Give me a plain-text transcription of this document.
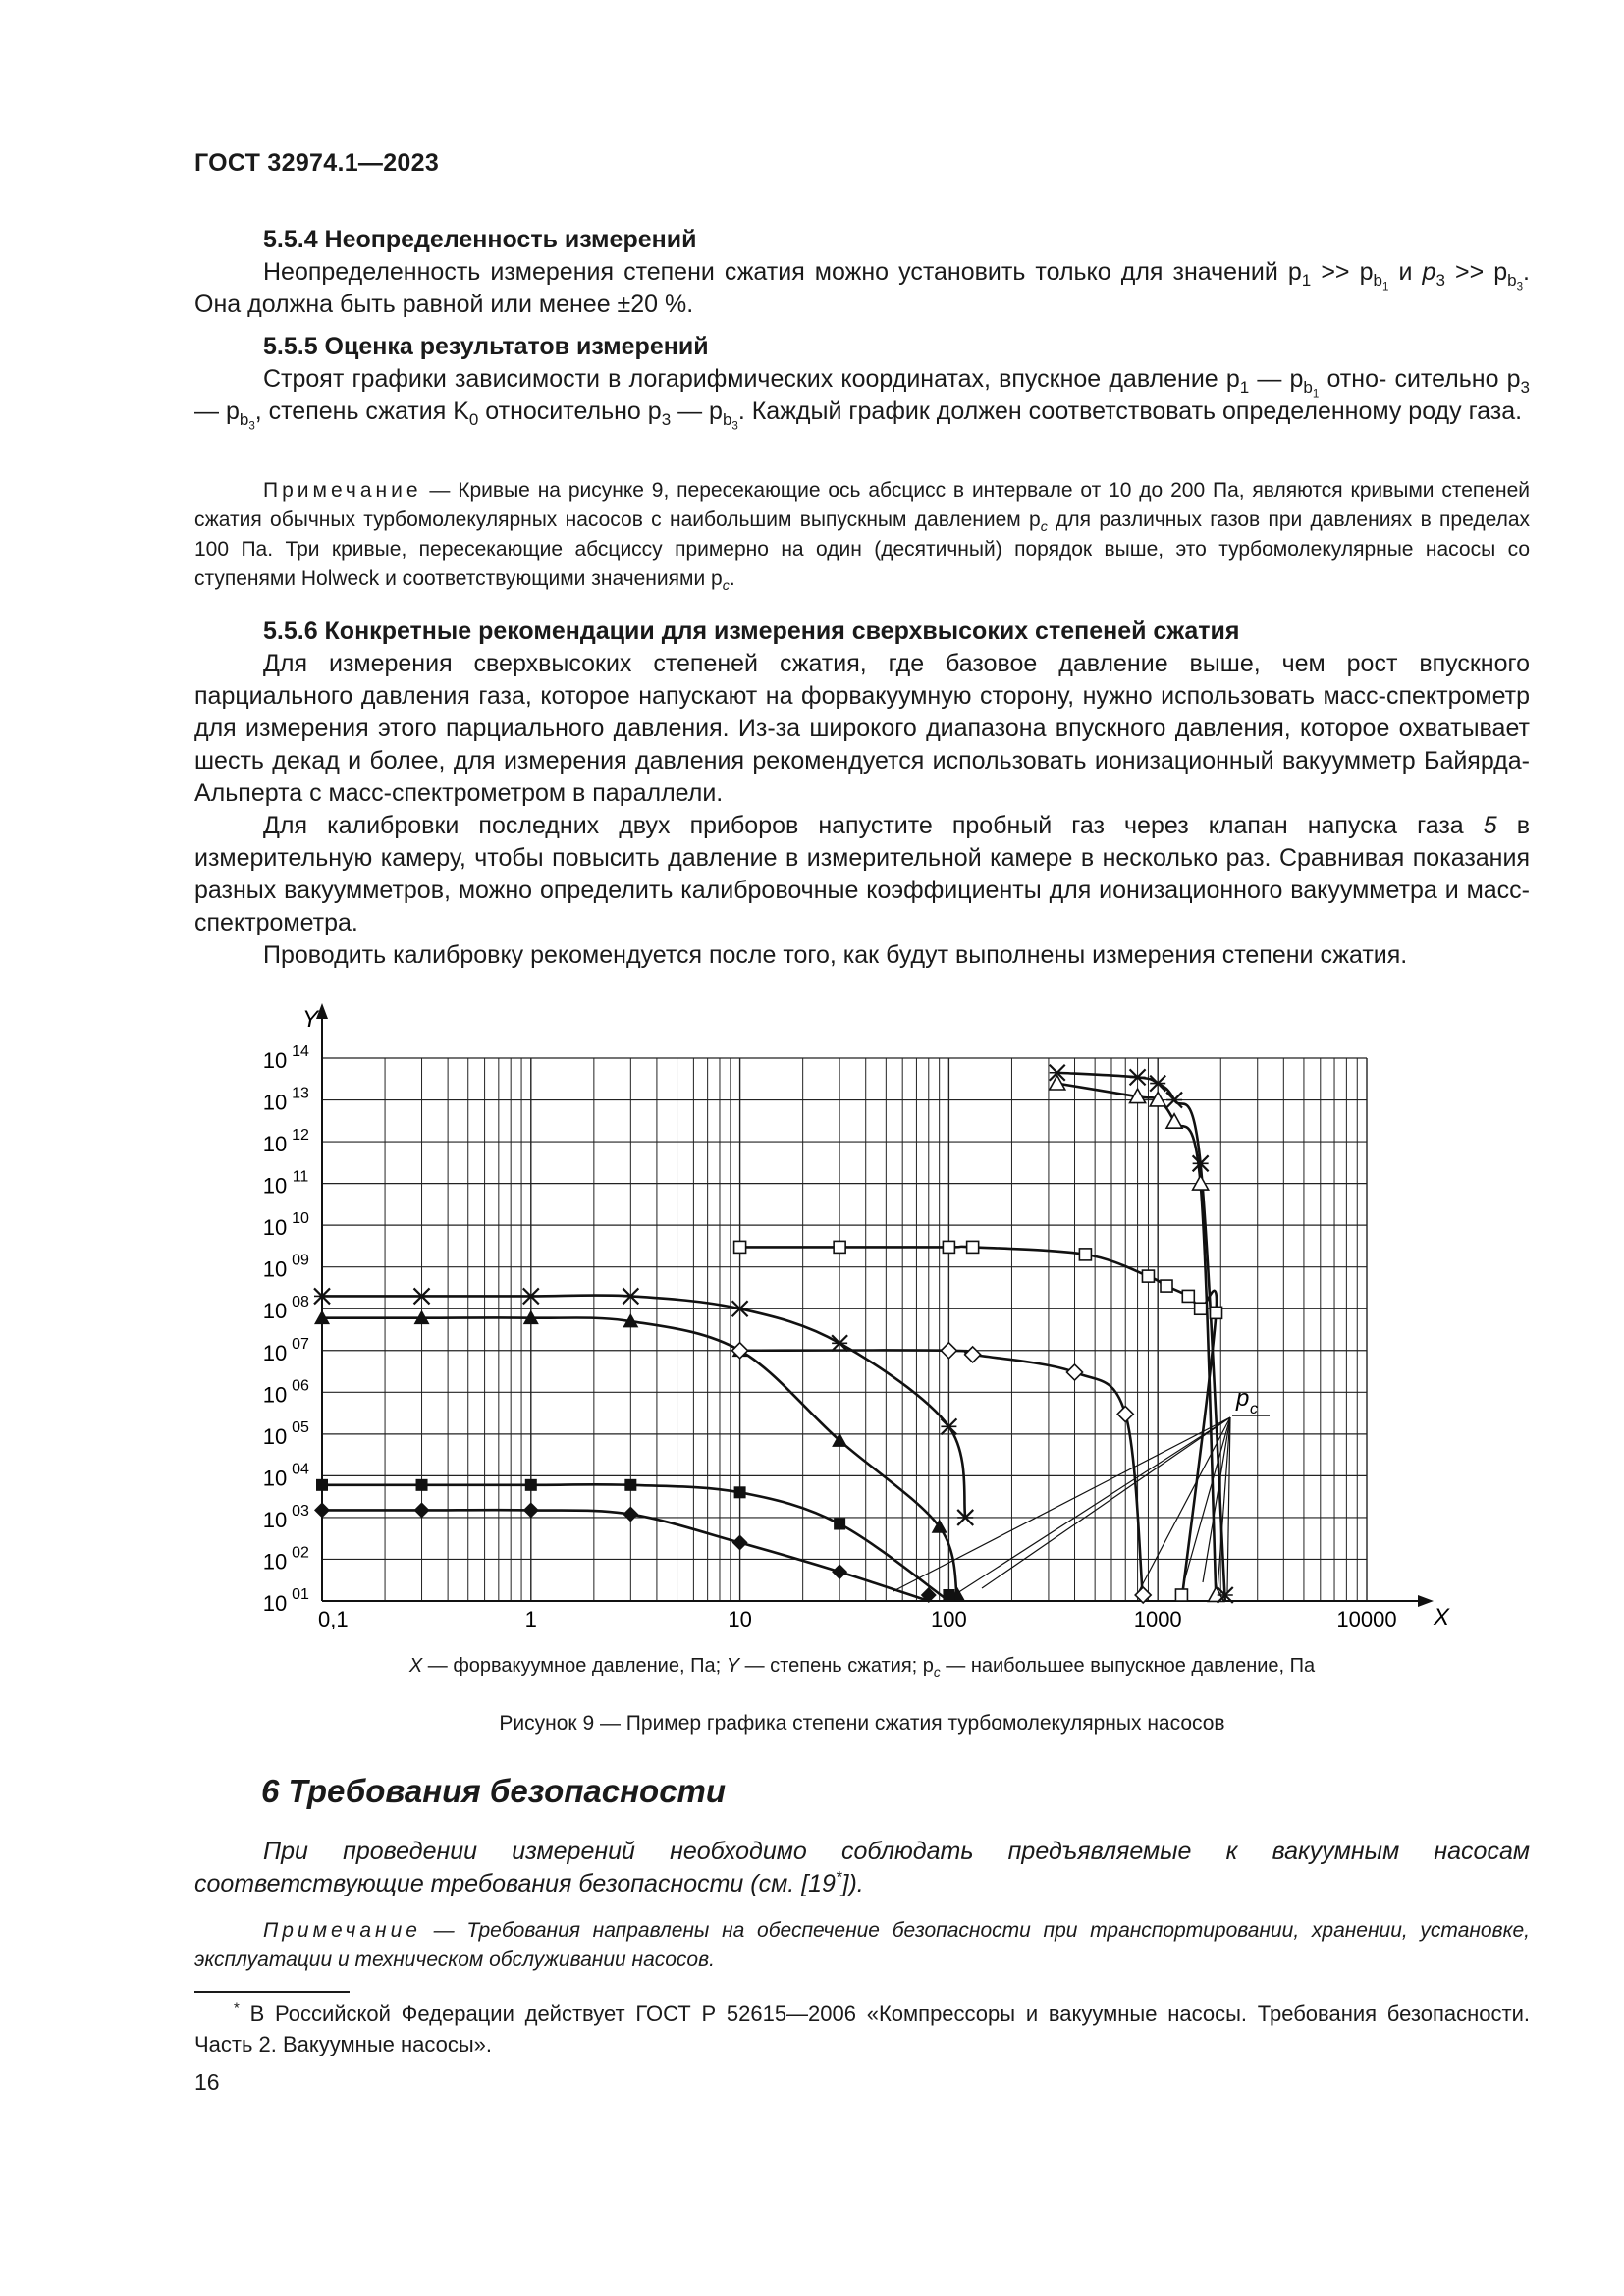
ГОСТ 32974.1—2023
5.5.4 Неопределенность измерений
Неопределенность измерения степени сжатия можно установить только для значений $p_1 >> p_{b_1}$ и $p_3 >> p_{b_3}$. Она должна быть равной или менее ±20 %.
5.5.5 Оценка результатов измерений
Строят графики зависимости в логарифмических координатах, впускное давление $p_1$ — $p_{b_1}$ отно- сительно $p_3$ — $p_{b_3}$, степень сжатия $K_0$ относительно $p_3$ — $p_{b_3}$. Каждый график должен соответствовать определенному роду газа.
Примечание — Кривые на рисунке 9, пересекающие ось абсцисс в интервале от 10 до 200 Па, являются кривыми степеней сжатия обычных турбомолекулярных насосов с наибольшим выпускным давлением $p_c$ для различных газов при давлениях в пределах 100 Па. Три кривые, пересекающие абсциссу примерно на один (десятичный) порядок выше, это турбомолекулярные насосы со ступенями Holweck и соответствующими значениями $p_c$.
5.5.6 Конкретные рекомендации для измерения сверхвысоких степеней сжатия
Для измерения сверхвысоких степеней сжатия, где базовое давление выше, чем рост впускного парциального давления газа, которое напускают на форвакуумную сторону, нужно использовать масс-спектрометр для измерения этого парциального давления. Из-за широкого диапазона впускного давления, которое охватывает шесть декад и более, для измерения давления рекомендуется использовать ионизационный вакуумметр Байярда-Альперта с масс-спектрометром в параллели.
Для калибровки последних двух приборов напустите пробный газ через клапан напуска газа 5 в измерительную камеру, чтобы повысить давление в измерительной камере в несколько раз. Сравнивая показания разных вакуумметров, можно определить калибровочные коэффициенты для ионизационного вакуумметра и масс-спектрометра.
Проводить калибровку рекомендуется после того, как будут выполнены измерения степени сжатия.
X
Y
0,1	1	10	100	1000	10000
10 01
10 02
10 03
10 04
10 05
10 06
10 07
10 08
10 09
10 10
10 11
10 12
10 13
10 14
p c
X — форвакуумное давление, Па; Y — степень сжатия; $p_c$ — наибольшее выпускное давление, Па
Рисунок 9 — Пример графика степени сжатия турбомолекулярных насосов
6 Требования безопасности
При проведении измерений необходимо соблюдать предъявляемые к вакуумным насосам соответствующие требования безопасности (см. [19*]).
Примечание — Требования направлены на обеспечение безопасности при транспортировании, хранении, установке, эксплуатации и техническом обслуживании насосов.
* В Российской Федерации действует ГОСТ Р 52615—2006 «Компрессоры и вакуумные насосы. Требования безопасности. Часть 2. Вакуумные насосы».
16
